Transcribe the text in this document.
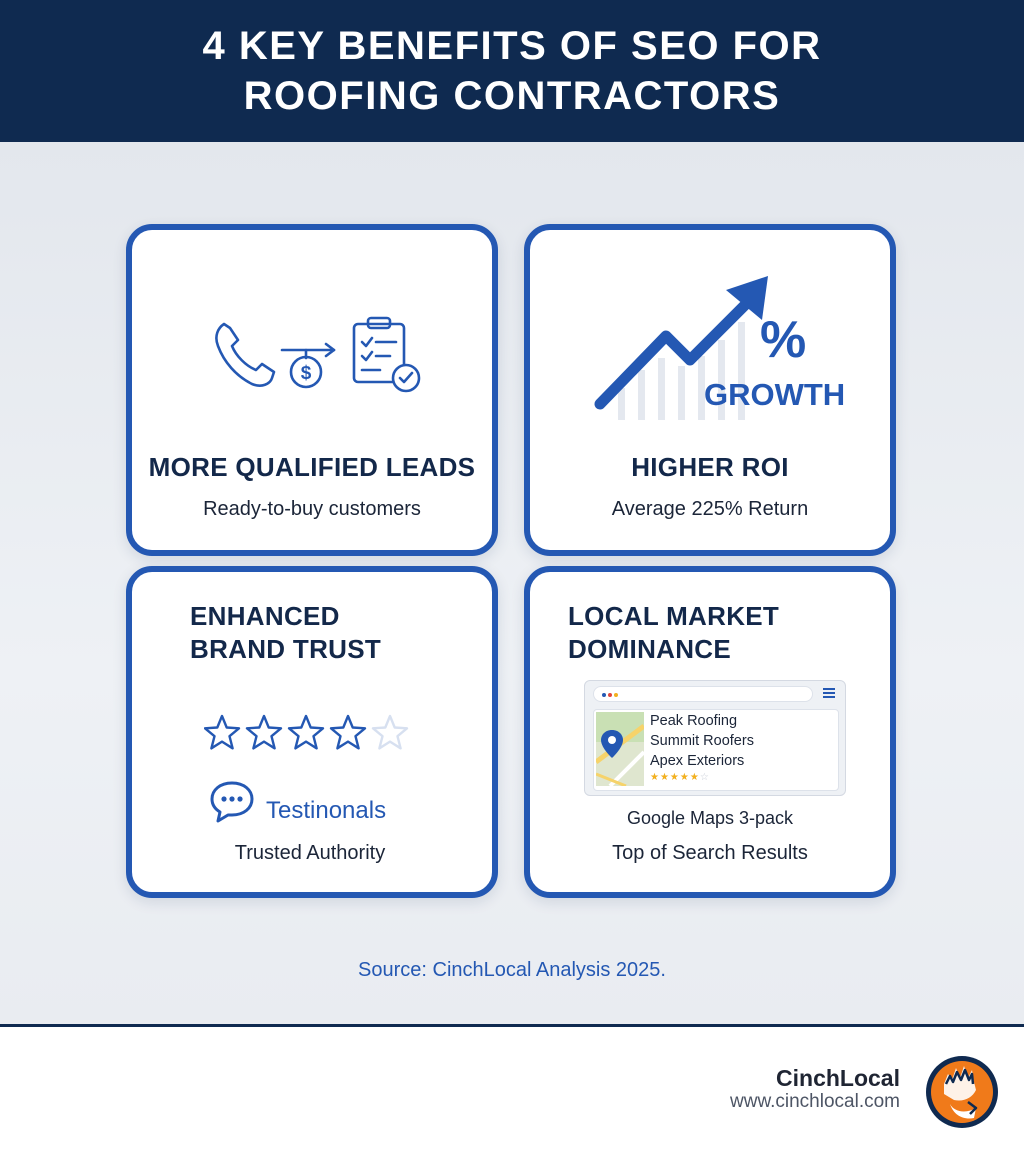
4 KEY BENEFITS OF SEO FOR
ROOFING CONTRACTORS
$
MORE QUALIFIED LEADS
Ready-to-buy customers
%
GROWTH
HIGHER ROI
Average 225% Return
ENHANCED
BRAND TRUST
Testinonals
Trusted Authority
LOCAL MARKET
DOMINANCE
Peak Roofing
Summit Roofers
Apex Exteriors
★★★★★☆
Google Maps 3-pack
Top of Search Results
Source: CinchLocal Analysis 2025.
CinchLocal
www.cinchlocal.com
